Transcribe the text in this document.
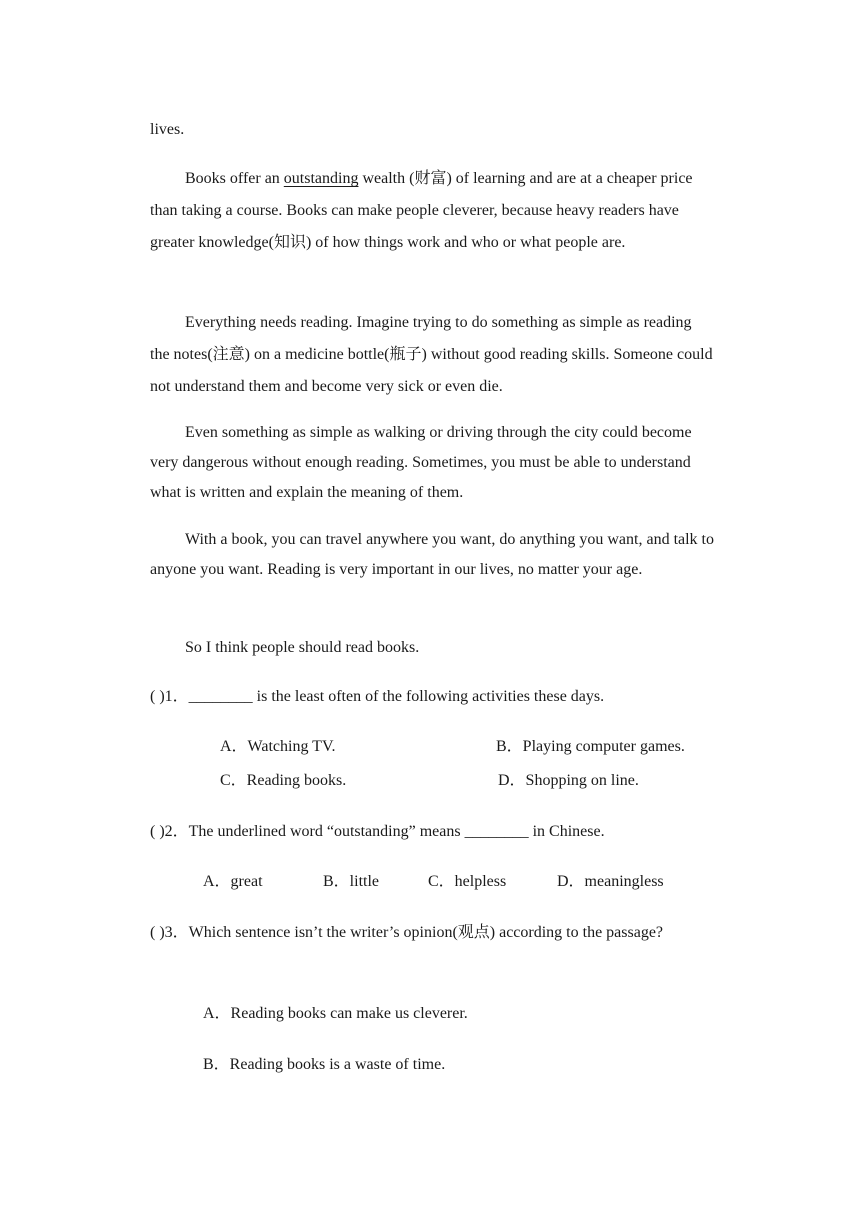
lives.

Books offer an outstanding wealth (财富) of learning and are at a cheaper price than taking a course. Books can make people cleverer, because heavy readers have greater knowledge(知识) of how things work and who or what people are.

Everything needs reading. Imagine trying to do something as simple as reading the notes(注意) on a medicine bottle(瓶子) without good reading skills. Someone could not understand them and become very sick or even die.

Even something as simple as walking or driving through the city could become very dangerous without enough reading. Sometimes, you must be able to understand what is written and explain the meaning of them.

With a book, you can travel anywhere you want, do anything you want, and talk to anyone you want. Reading is very important in our lives, no matter your age.

So I think people should read books.

( )1．________ is the least often of the following activities these days.

A．Watching TV.	B．Playing computer games.
C．Reading books.	D．Shopping on line.

( )2．The underlined word “outstanding” means ________ in Chinese.

A．great	B．little	C．helpless	D．meaningless

( )3．Which sentence isn’t the writer’s opinion(观点) according to the passage?

A．Reading books can make us cleverer.
B．Reading books is a waste of time.
